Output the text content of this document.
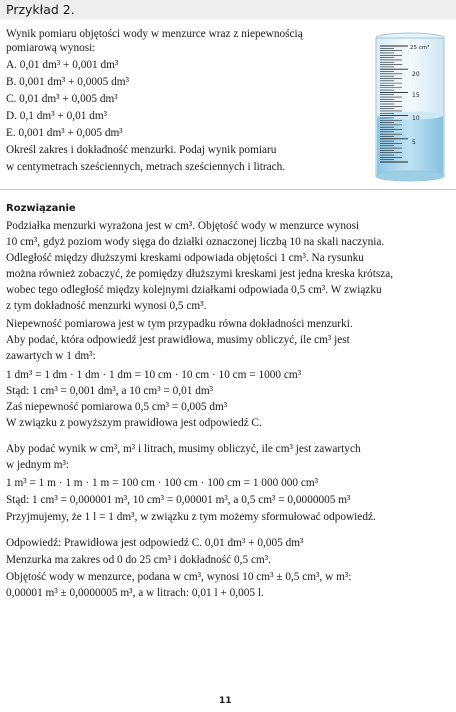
Przykład 2.
Wynik pomiaru objętości wody w menzurce wraz z niepewnością
pomiarową wynosi:
A. 0,01 dm³ + 0,001 dm³
B. 0,001 dm³ + 0,0005 dm³
C. 0,01 dm³ + 0,005 dm³
D. 0,1 dm³ + 0,01 dm³
E. 0,001 dm³ + 0,005 dm³
Określ zakres i dokładność menzurki. Podaj wynik pomiaru
w centymetrach sześciennych, metrach sześciennych i litrach.
25 cm³
20
15
10
5
Rozwiązanie
Podziałka menzurki wyrażona jest w cm³. Objętość wody w menzurce wynosi
10 cm³, gdyż poziom wody sięga do działki oznaczonej liczbą 10 na skali naczynia.
Odległość między dłuższymi kreskami odpowiada objętości 1 cm³. Na rysunku
można również zobaczyć, że pomiędzy dłuższymi kreskami jest jedna kreska krótsza,
wobec tego odległość między kolejnymi działkami odpowiada 0,5 cm³. W związku
z tym dokładność menzurki wynosi 0,5 cm³.
Niepewność pomiarowa jest w tym przypadku równa dokładności menzurki.
Aby podać, która odpowiedź jest prawidłowa, musimy obliczyć, ile cm³ jest
zawartych w 1 dm³:
1 dm³ = 1 dm · 1 dm · 1 dm = 10 cm · 10 cm · 10 cm = 1000 cm³
Stąd: 1 cm³ = 0,001 dm³, a 10 cm³ = 0,01 dm³
Zaś niepewność pomiarowa 0,5 cm³ = 0,005 dm³
W związku z powyższym prawidłowa jest odpowiedź C.
Aby podać wynik w cm³, m³ i litrach, musimy obliczyć, ile cm³ jest zawartych
w jednym m³:
1 m³ = 1 m · 1 m · 1 m = 100 cm · 100 cm · 100 cm = 1 000 000 cm³
Stąd: 1 cm³ = 0,000001 m³, 10 cm³ = 0,00001 m³, a 0,5 cm³ = 0,0000005 m³
Przyjmujemy, że 1 l = 1 dm³, w związku z tym możemy sformułować odpowiedź.
Odpowiedź: Prawidłowa jest odpowiedź C. 0,01 dm³ + 0,005 dm³
Menzurka ma zakres od 0 do 25 cm³ i dokładność 0,5 cm³.
Objętość wody w menzurce, podana w cm³, wynosi 10 cm³ ± 0,5 cm³, w m³:
0,00001 m³ ± 0,0000005 m³, a w litrach: 0,01 l + 0,005 l.
11
